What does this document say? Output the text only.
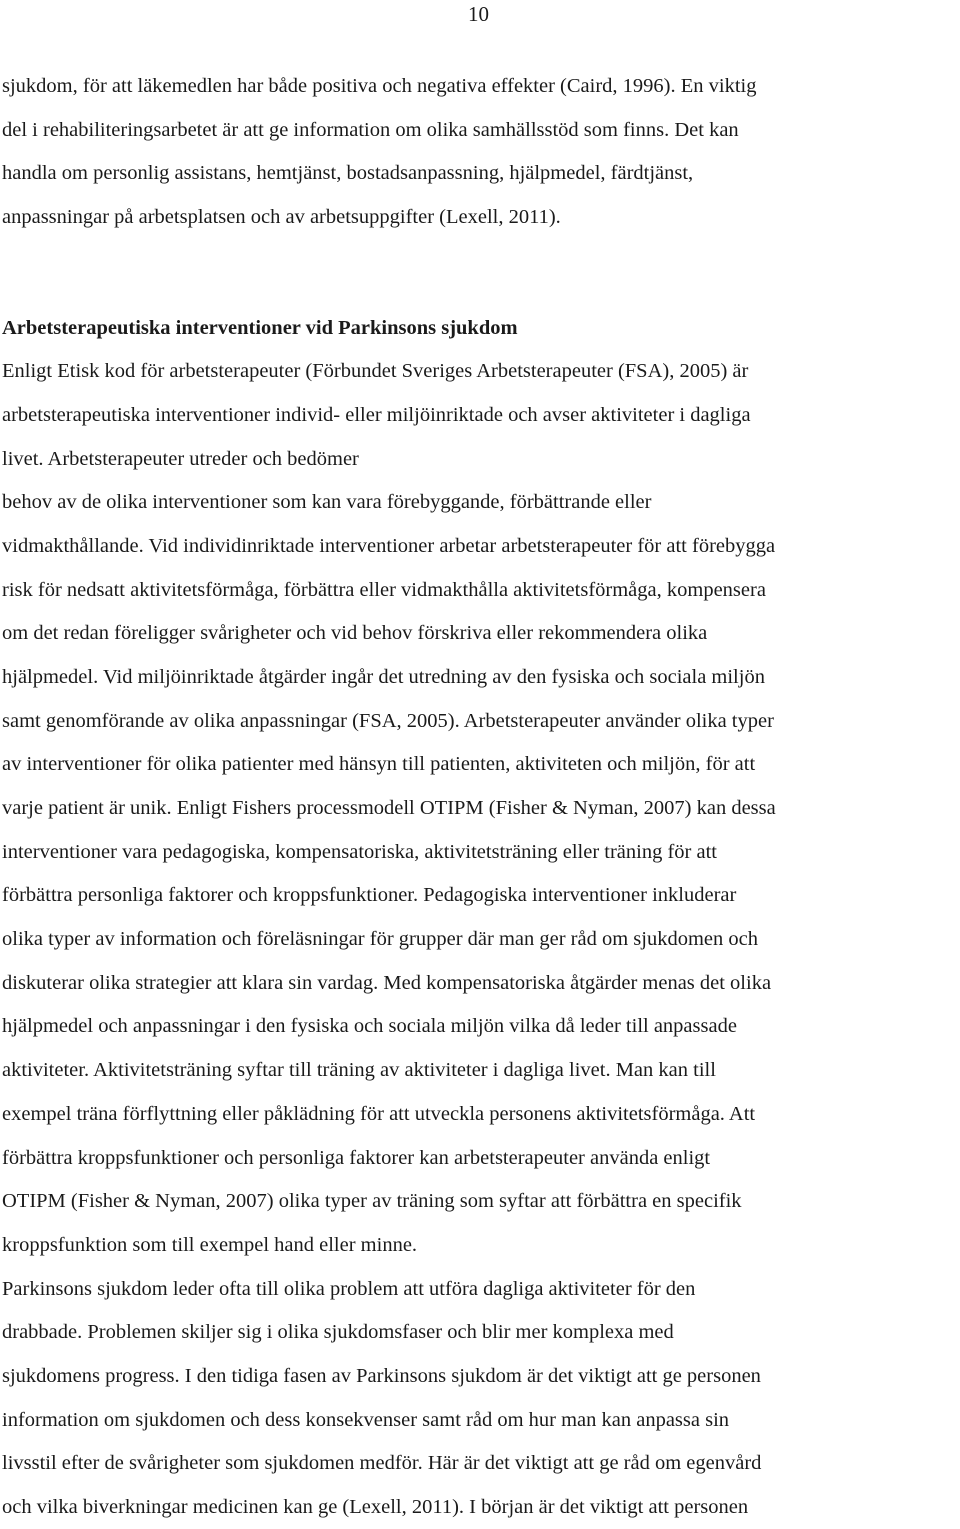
10
sjukdom, för att läkemedlen har både positiva och negativa effekter (Caird, 1996). En viktig
del i rehabiliteringsarbetet är att ge information om olika samhällsstöd som finns. Det kan
handla om personlig assistans, hemtjänst, bostadsanpassning, hjälpmedel, färdtjänst,
anpassningar på arbetsplatsen och av arbetsuppgifter (Lexell, 2011).
Arbetsterapeutiska interventioner vid Parkinsons sjukdom
Enligt Etisk kod för arbetsterapeuter (Förbundet Sveriges Arbetsterapeuter (FSA), 2005) är
arbetsterapeutiska interventioner individ- eller miljöinriktade och avser aktiviteter i dagliga
livet. Arbetsterapeuter utreder och bedömer
behov av de olika interventioner som kan vara förebyggande, förbättrande eller
vidmakthållande. Vid individinriktade interventioner arbetar arbetsterapeuter för att förebygga
risk för nedsatt aktivitetsförmåga, förbättra eller vidmakthålla aktivitetsförmåga, kompensera
om det redan föreligger svårigheter och vid behov förskriva eller rekommendera olika
hjälpmedel. Vid miljöinriktade åtgärder ingår det utredning av den fysiska och sociala miljön
samt genomförande av olika anpassningar (FSA, 2005). Arbetsterapeuter använder olika typer
av interventioner för olika patienter med hänsyn till patienten, aktiviteten och miljön, för att
varje patient är unik. Enligt Fishers processmodell OTIPM (Fisher & Nyman, 2007) kan dessa
interventioner vara pedagogiska, kompensatoriska, aktivitetsträning eller träning för att
förbättra personliga faktorer och kroppsfunktioner. Pedagogiska interventioner inkluderar
olika typer av information och föreläsningar för grupper där man ger råd om sjukdomen och
diskuterar olika strategier att klara sin vardag. Med kompensatoriska åtgärder menas det olika
hjälpmedel och anpassningar i den fysiska och sociala miljön vilka då leder till anpassade
aktiviteter. Aktivitetsträning syftar till träning av aktiviteter i dagliga livet. Man kan till
exempel träna förflyttning eller påklädning för att utveckla personens aktivitetsförmåga. Att
förbättra kroppsfunktioner och personliga faktorer kan arbetsterapeuter använda enligt
OTIPM (Fisher & Nyman, 2007) olika typer av träning som syftar att förbättra en specifik
kroppsfunktion som till exempel hand eller minne.
Parkinsons sjukdom leder ofta till olika problem att utföra dagliga aktiviteter för den
drabbade. Problemen skiljer sig i olika sjukdomsfaser och blir mer komplexa med
sjukdomens progress. I den tidiga fasen av Parkinsons sjukdom är det viktigt att ge personen
information om sjukdomen och dess konsekvenser samt råd om hur man kan anpassa sin
livsstil efter de svårigheter som sjukdomen medför. Här är det viktigt att ge råd om egenvård
och vilka biverkningar medicinen kan ge (Lexell, 2011). I början är det viktigt att personen
